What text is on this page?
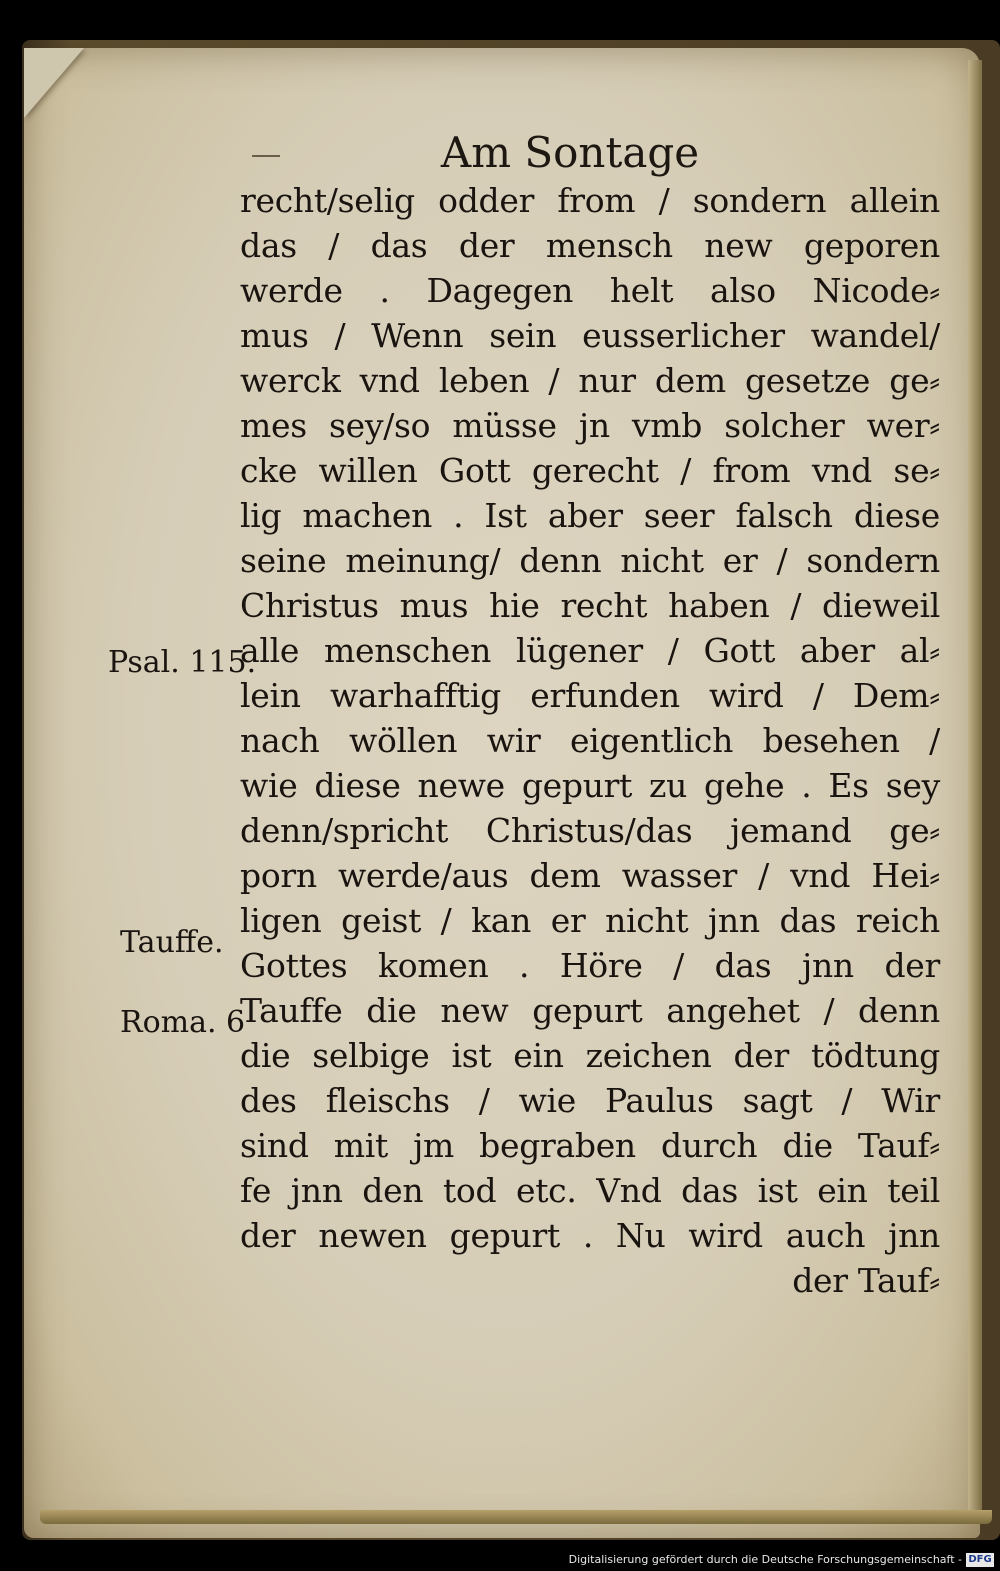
Am Sontage
recht/selig odder from / sondern allein
das / das der mensch new geporen
werde . Dagegen helt also Nicode⸗
mus / Wenn sein eusserlicher wandel/
werck vnd leben / nur dem gesetze ge⸗
mes sey/so müsse jn vmb solcher wer⸗
cke willen Gott gerecht / from vnd se⸗
lig machen . Ist aber seer falsch diese
seine meinung/ denn nicht er / sondern
Christus mus hie recht haben / dieweil
alle menschen lügener / Gott aber al⸗
lein warhafftig erfunden wird / Dem⸗
nach wöllen wir eigentlich besehen /
wie diese newe gepurt zu gehe . Es sey
denn/spricht Christus/das jemand ge⸗
porn werde/aus dem wasser / vnd Hei⸗
ligen geist / kan er nicht jnn das reich
Gottes komen . Höre / das jnn der
Tauffe die new gepurt angehet / denn
die selbige ist ein zeichen der tödtung
des fleischs / wie Paulus sagt / Wir
sind mit jm begraben durch die Tauf⸗
fe jnn den tod etc. Vnd das ist ein teil
der newen gepurt . Nu wird auch jnn
der Tauf⸗
Psal. 115.
Tauffe.
Roma. 6
Digitalisierung gefördert durch die Deutsche Forschungsgemeinschaft - DFG
